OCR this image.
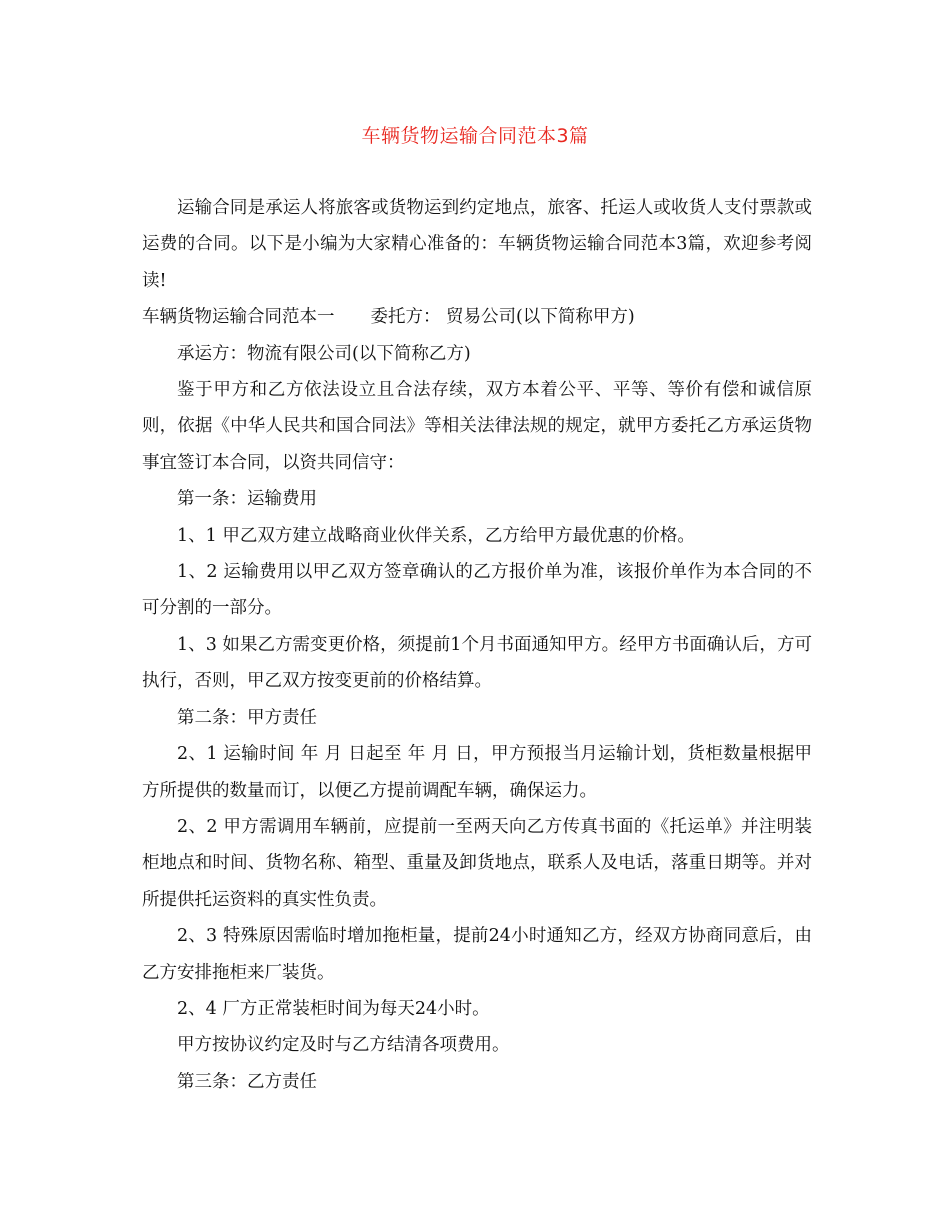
车辆货物运输合同范本3篇

运输合同是承运人将旅客或货物运到约定地点，旅客、托运人或收货人支付票款或运费的合同。以下是小编为大家精心准备的：车辆货物运输合同范本3篇，欢迎参考阅读!

车辆货物运输合同范本一 委托方： 贸易公司(以下简称甲方)

承运方：物流有限公司(以下简称乙方)

鉴于甲方和乙方依法设立且合法存续，双方本着公平、平等、等价有偿和诚信原则，依据《中华人民共和国合同法》等相关法律法规的规定，就甲方委托乙方承运货物事宜签订本合同，以资共同信守：

第一条：运输费用

1、1 甲乙双方建立战略商业伙伴关系，乙方给甲方最优惠的价格。

1、2 运输费用以甲乙双方签章确认的乙方报价单为准，该报价单作为本合同的不可分割的一部分。

1、3 如果乙方需变更价格，须提前1个月书面通知甲方。经甲方书面确认后，方可执行，否则，甲乙双方按变更前的价格结算。

第二条：甲方责任

2、1 运输时间 年 月 日起至 年 月 日，甲方预报当月运输计划，货柜数量根据甲方所提供的数量而订，以便乙方提前调配车辆，确保运力。

2、2 甲方需调用车辆前，应提前一至两天向乙方传真书面的《托运单》并注明装柜地点和时间、货物名称、箱型、重量及卸货地点，联系人及电话，落重日期等。并对所提供托运资料的真实性负责。

2、3 特殊原因需临时增加拖柜量，提前24小时通知乙方，经双方协商同意后，由乙方安排拖柜来厂装货。

2、4 厂方正常装柜时间为每天24小时。

甲方按协议约定及时与乙方结清各项费用。

第三条：乙方责任
